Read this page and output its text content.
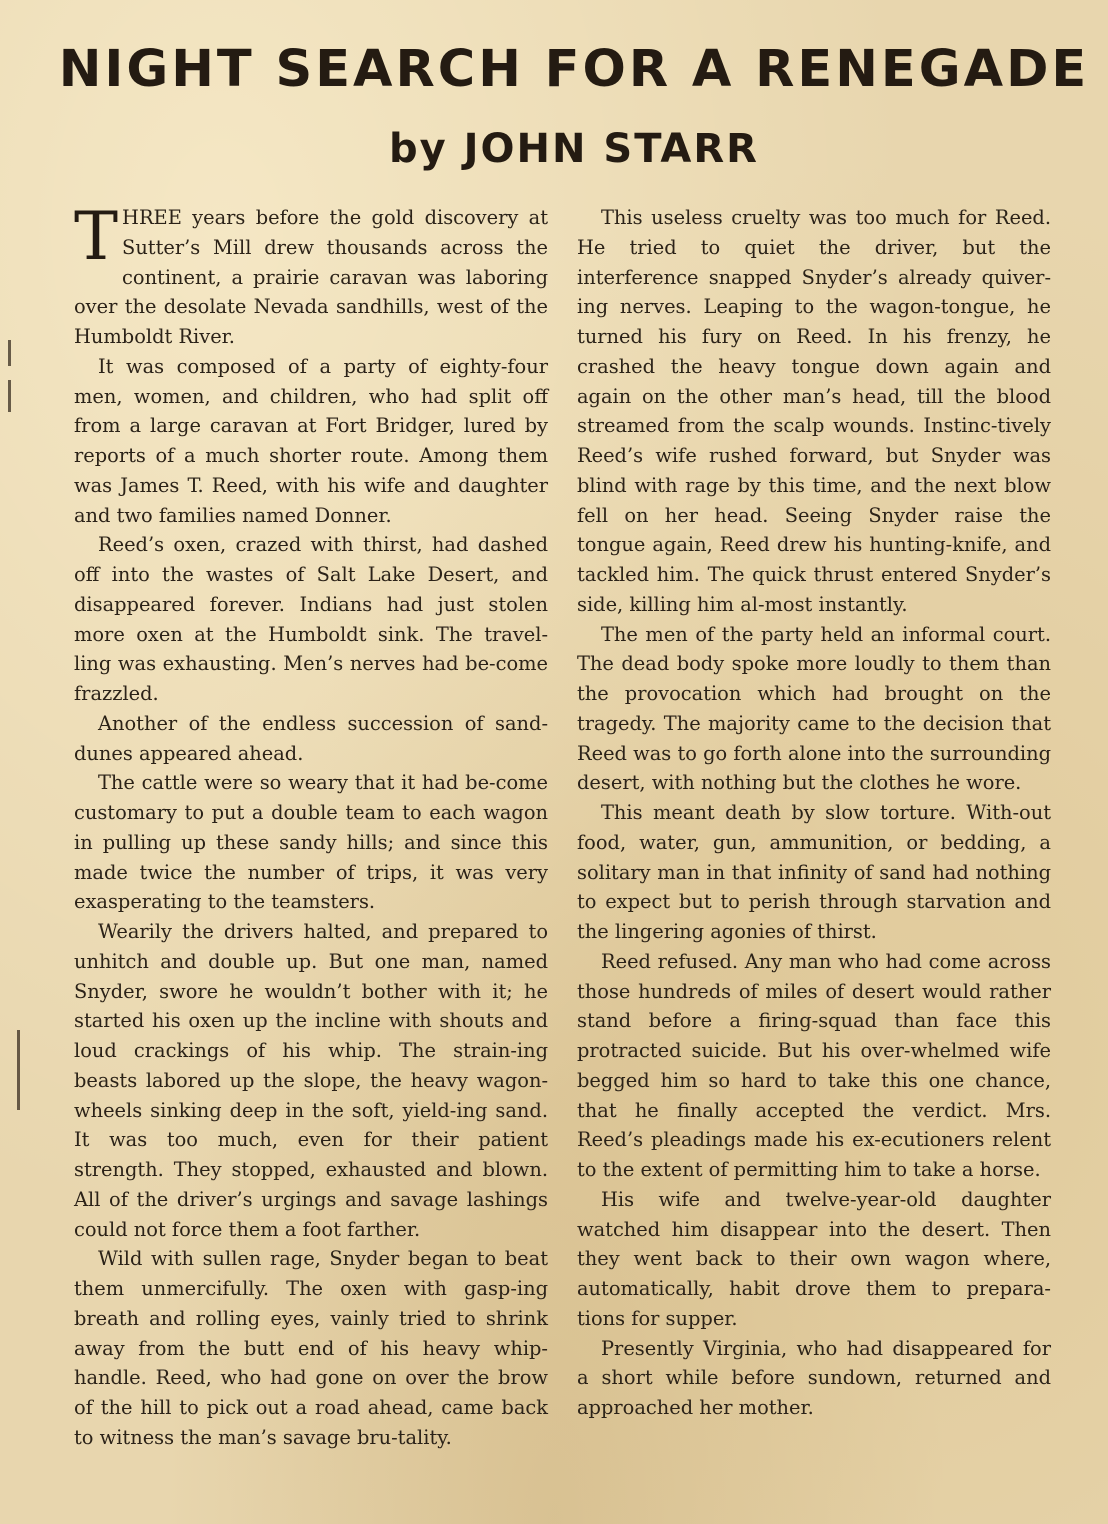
NIGHT SEARCH FOR A RENEGADE
by JOHN STARR

THREE years before the gold discovery at Sutter’s Mill drew thousands across the continent, a prairie caravan was laboring over the desolate Nevada sandhills, west of the Humboldt River.

It was composed of a party of eighty-four men, women, and children, who had split off from a large caravan at Fort Bridger, lured by reports of a much shorter route. Among them was James T. Reed, with his wife and daughter and two families named Donner.

Reed’s oxen, crazed with thirst, had dashed off into the wastes of Salt Lake Desert, and disappeared forever. Indians had just stolen more oxen at the Humboldt sink. The travel-ling was exhausting. Men’s nerves had be-come frazzled.

Another of the endless succession of sand-dunes appeared ahead.

The cattle were so weary that it had be-come customary to put a double team to each wagon in pulling up these sandy hills; and since this made twice the number of trips, it was very exasperating to the teamsters.

Wearily the drivers halted, and prepared to unhitch and double up. But one man, named Snyder, swore he wouldn’t bother with it; he started his oxen up the incline with shouts and loud crackings of his whip. The strain-ing beasts labored up the slope, the heavy wagon-wheels sinking deep in the soft, yield-ing sand. It was too much, even for their patient strength. They stopped, exhausted and blown. All of the driver’s urgings and savage lashings could not force them a foot farther.

Wild with sullen rage, Snyder began to beat them unmercifully. The oxen with gasp-ing breath and rolling eyes, vainly tried to shrink away from the butt end of his heavy whip-handle. Reed, who had gone on over the brow of the hill to pick out a road ahead, came back to witness the man’s savage bru-tality.

This useless cruelty was too much for Reed. He tried to quiet the driver, but the interference snapped Snyder’s already quiver-ing nerves. Leaping to the wagon-tongue, he turned his fury on Reed. In his frenzy, he crashed the heavy tongue down again and again on the other man’s head, till the blood streamed from the scalp wounds. Instinc-tively Reed’s wife rushed forward, but Snyder was blind with rage by this time, and the next blow fell on her head. Seeing Snyder raise the tongue again, Reed drew his hunting-knife, and tackled him. The quick thrust entered Snyder’s side, killing him al-most instantly.

The men of the party held an informal court. The dead body spoke more loudly to them than the provocation which had brought on the tragedy. The majority came to the decision that Reed was to go forth alone into the surrounding desert, with nothing but the clothes he wore.

This meant death by slow torture. With-out food, water, gun, ammunition, or bedding, a solitary man in that infinity of sand had nothing to expect but to perish through starvation and the lingering agonies of thirst.

Reed refused. Any man who had come across those hundreds of miles of desert would rather stand before a firing-squad than face this protracted suicide. But his over-whelmed wife begged him so hard to take this one chance, that he finally accepted the verdict. Mrs. Reed’s pleadings made his ex-ecutioners relent to the extent of permitting him to take a horse.

His wife and twelve-year-old daughter watched him disappear into the desert. Then they went back to their own wagon where, automatically, habit drove them to prepara-tions for supper.

Presently Virginia, who had disappeared for a short while before sundown, returned and approached her mother.
